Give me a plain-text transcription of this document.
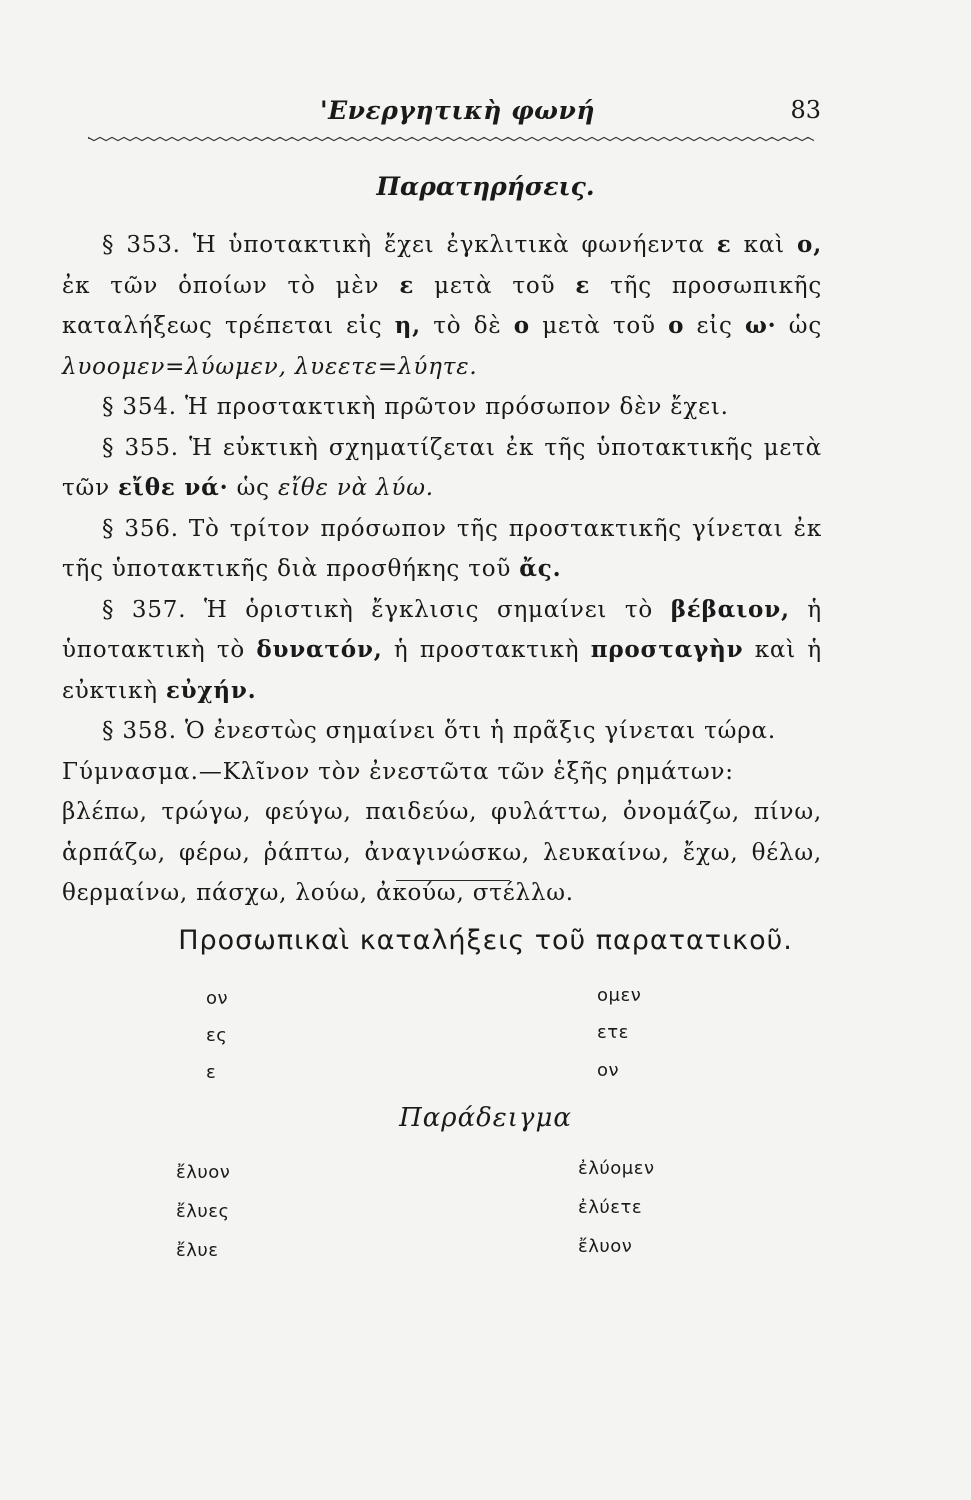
'Ενεργητικὴ φωνή	83
Παρατηρήσεις.

§ 353. Ἡ ὑποτακτικὴ ἔχει ἐγκλιτικὰ φωνήεντα ε καὶ ο, ἐκ τῶν ὁποίων τὸ μὲν ε μετὰ τοῦ ε τῆς προσωπικῆς καταλήξεως τρέπεται εἰς η, τὸ δὲ ο μετὰ τοῦ ο εἰς ω· ὡς λυοομεν=λύωμεν, λυεετε=λύητε.

§ 354. Ἡ προστακτικὴ πρῶτον πρόσωπον δὲν ἔχει.

§ 355. Ἡ εὐκτικὴ σχηματίζεται ἐκ τῆς ὑποτακτικῆς μετὰ τῶν εἴθε νά· ὡς εἴθε νὰ λύω.

§ 356. Τὸ τρίτον πρόσωπον τῆς προστακτικῆς γίνεται ἐκ τῆς ὑποτακτικῆς διὰ προσθήκης τοῦ ἄς.

§ 357. Ἡ ὁριστικὴ ἔγκλισις σημαίνει τὸ βέβαιον, ἡ ὑποτακτικὴ τὸ δυνατόν, ἡ προστακτικὴ προσταγὴν καὶ ἡ εὐκτικὴ εὐχήν.

§ 358. Ὁ ἐνεστὼς σημαίνει ὅτι ἡ πρᾶξις γίνεται τώρα.

Γύμνασμα.—Κλῖνον τὸν ἐνεστῶτα τῶν ἑξῆς ρημάτων:

βλέπω, τρώγω, φεύγω, παιδεύω, φυλάττω, ὀνομάζω, πίνω, ἁρπάζω, φέρω, ῥάπτω, ἀναγινώσκω, λευκαίνω, ἔχω, θέλω, θερμαίνω, πάσχω, λούω, ἀκούω, στέλλω.

Προσωπικαὶ καταλήξεις τοῦ παρατατικοῦ.
ον
ες
ε
ομεν
ετε
ον
Παράδειγμα
ἔλυον
ἔλυες
ἔλυε
ἐλύομεν
ἐλύετε
ἔλυον
